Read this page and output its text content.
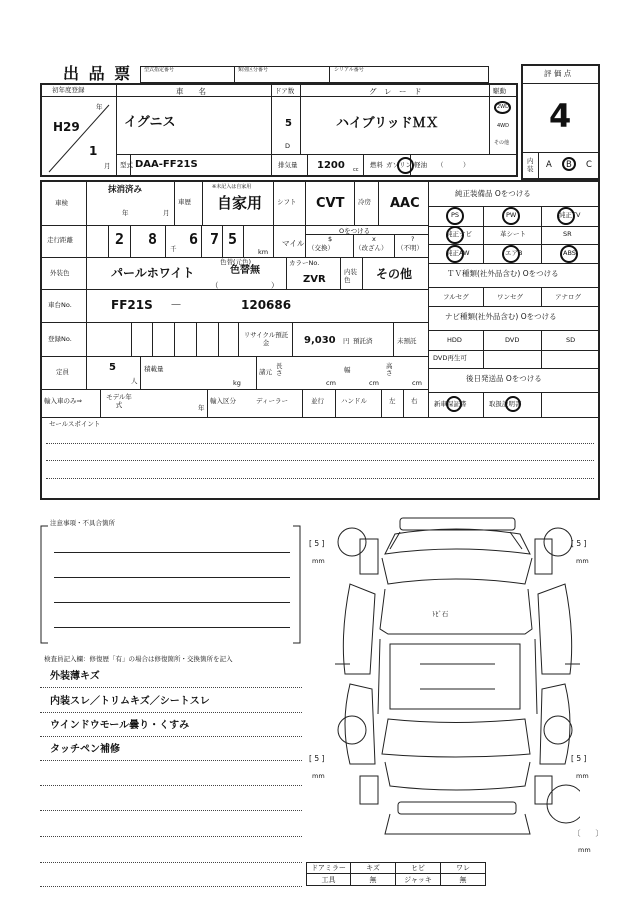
出 品 票 型式指定番号	類別区分番号	シリアル番号	評 価 点
4
内装 A B C
初年度登録
H29
年
1
月
車　　名
イグニス
ドア数
5
D
グ　レ　ー　ド
ハイブリッドＭＸ
駆動
2WD
4WD
その他
型式 DAA-FF21S	排気量 1200 cc
燃料 ガソリン 軽油 （　　　）
車検
抹消済み
年	月
車歴
※未記入は自家用
自家用 シフト CVT 冷房 AAC
走行距離	2 8
千
6 7 5
km
マイル
Oをつける
$
（交換）
x
（改ざん）
?
（不明）
外装色	パールホワイト
色替(元色)
色替無
（	）
カラーNo.
ZVR
内装色	その他
車台No.	FF21S －	120686
登録No.	リサイクル預託金	9,030 円 預託済	未預託
定員	5
人
積載量
kg
諸元
長さ
cm
幅
cm
高さ
cm
輸入車のみ⇒	モデル年式	年
輸入区分	ディーラー	並行	ハンドル	左 右
純正装備品 Oをつける
PS	PW	純正TV
純正ナビ	革シート	SR
純正AW	エアB	ABS
ＴＶ種類(社外品含む) Oをつける
フルセグ	ワンセグ	アナログ
ナビ種類(社外品含む) Oをつける
HDD	DVD	SD
DVD再生可
後日発送品 Oをつける
新車保証書	取扱説明書
セールスポイント
注意事項・不具合箇所
検査員記入欄：修復歴「有」の場合は修復箇所・交換箇所を記入
外装薄キズ
内装スレ／トリムキズ／シートスレ
ウインドウモール曇り・くすみ
タッチペン補修
ﾄﾋﾞ石
[ 5 ]
mm
[ 5 ]
mm
[ 5 ]
mm
[ 5 ]
mm
〔　　〕
mm
ドアミラー	キズ	ヒビ	ワレ
工具	無	ジャッキ	無
